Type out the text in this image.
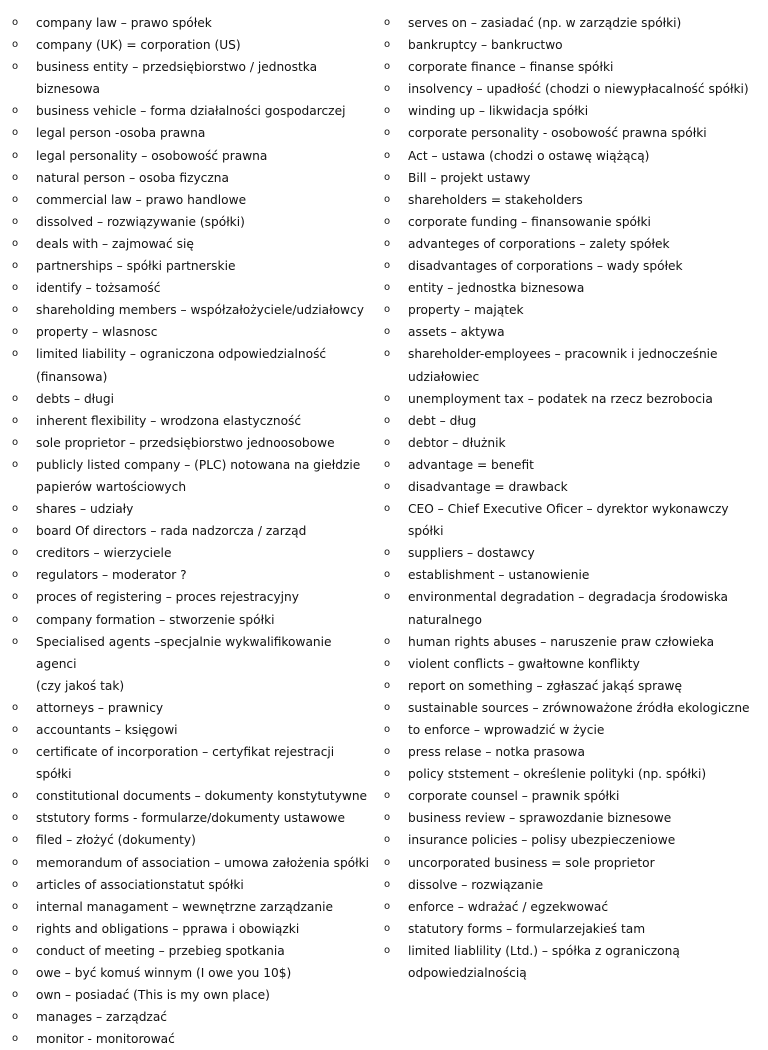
o	company law – prawo spółek
o	company (UK) = corporation (US)
o	business entity – przedsiębiorstwo / jednostka
biznesowa
o	business vehicle – forma działalności gospodarczej
o	legal person -osoba prawna
o	legal personality – osobowość prawna
o	natural person – osoba fizyczna
o	commercial law – prawo handlowe
o	dissolved – rozwiązywanie (spółki)
o	deals with – zajmować się
o	partnerships – spółki partnerskie
o	identify – tożsamość
o	shareholding members – współzałożyciele/udziałowcy
o	property – wlasnosc
o	limited liability – ograniczona odpowiedzialność
(finansowa)
o	debts – długi
o	inherent flexibility – wrodzona elastyczność
o	sole proprietor – przedsiębiorstwo jednoosobowe
o	publicly listed company – (PLC) notowana na giełdzie
papierów wartościowych
o	shares – udziały
o	board Of directors – rada nadzorcza / zarząd
o	creditors – wierzyciele
o	regulators – moderator ?
o	proces of registering – proces rejestracyjny
o	company formation – stworzenie spółki
o	Specialised agents –specjalnie wykwalifikowanie agenci
(czy jakoś tak)
o	attorneys – prawnicy
o	accountants – księgowi
o	certificate of incorporation – certyfikat rejestracji spółki
o	constitutional documents – dokumenty konstytutywne
o	ststutory forms - formularze/dokumenty ustawowe
o	filed – złożyć (dokumenty)
o	memorandum of association – umowa założenia spółki
o	articles of associationstatut spółki
o	internal managament – wewnętrzne zarządzanie
o	rights and obligations – pprawa i obowiązki
o	conduct of meeting – przebieg spotkania
o	owe – być komuś winnym (I owe you 10$)
o	own – posiadać (This is my own place)
o	manages – zarządzać
o	monitor - monitorować
o	serves on – zasiadać (np. w zarządzie spółki)
o	bankruptcy – bankructwo
o	corporate finance – finanse spółki
o	insolvency – upadłość (chodzi o niewypłacalność spółki)
o	winding up – likwidacja spółki
o	corporate personality - osobowość prawna spółki
o	Act – ustawa (chodzi o ostawę wiążącą)
o	Bill – projekt ustawy
o	shareholders = stakeholders
o	corporate funding – finansowanie spółki
o	advanteges of corporations – zalety spółek
o	disadvantages of corporations – wady spółek
o	entity – jednostka biznesowa
o	property – majątek
o	assets – aktywa
o	shareholder-employees – pracownik i jednocześnie
udziałowiec
o	unemployment tax – podatek na rzecz bezrobocia
o	debt – dług
o	debtor – dłużnik
o	advantage = benefit
o	disadvantage = drawback
o	CEO – Chief Executive Oficer – dyrektor wykonawczy
spółki
o	suppliers – dostawcy
o	establishment – ustanowienie
o	environmental degradation – degradacja środowiska
naturalnego
o	human rights abuses – naruszenie praw człowieka
o	violent conflicts – gwałtowne konflikty
o	report on something – zgłaszać jakąś sprawę
o	sustainable sources – zrównoważone źródła ekologiczne
o	to enforce – wprowadzić w życie
o	press relase – notka prasowa
o	policy ststement – określenie polityki (np. spółki)
o	corporate counsel – prawnik spółki
o	business review – sprawozdanie biznesowe
o	insurance policies – polisy ubezpieczeniowe
o	uncorporated business = sole proprietor
o	dissolve – rozwiązanie
o	enforce – wdrażać / egzekwować
o	statutory forms – formularzejakieś tam
o	limited liablility (Ltd.) – spółka z ograniczoną
odpowiedzialnością
